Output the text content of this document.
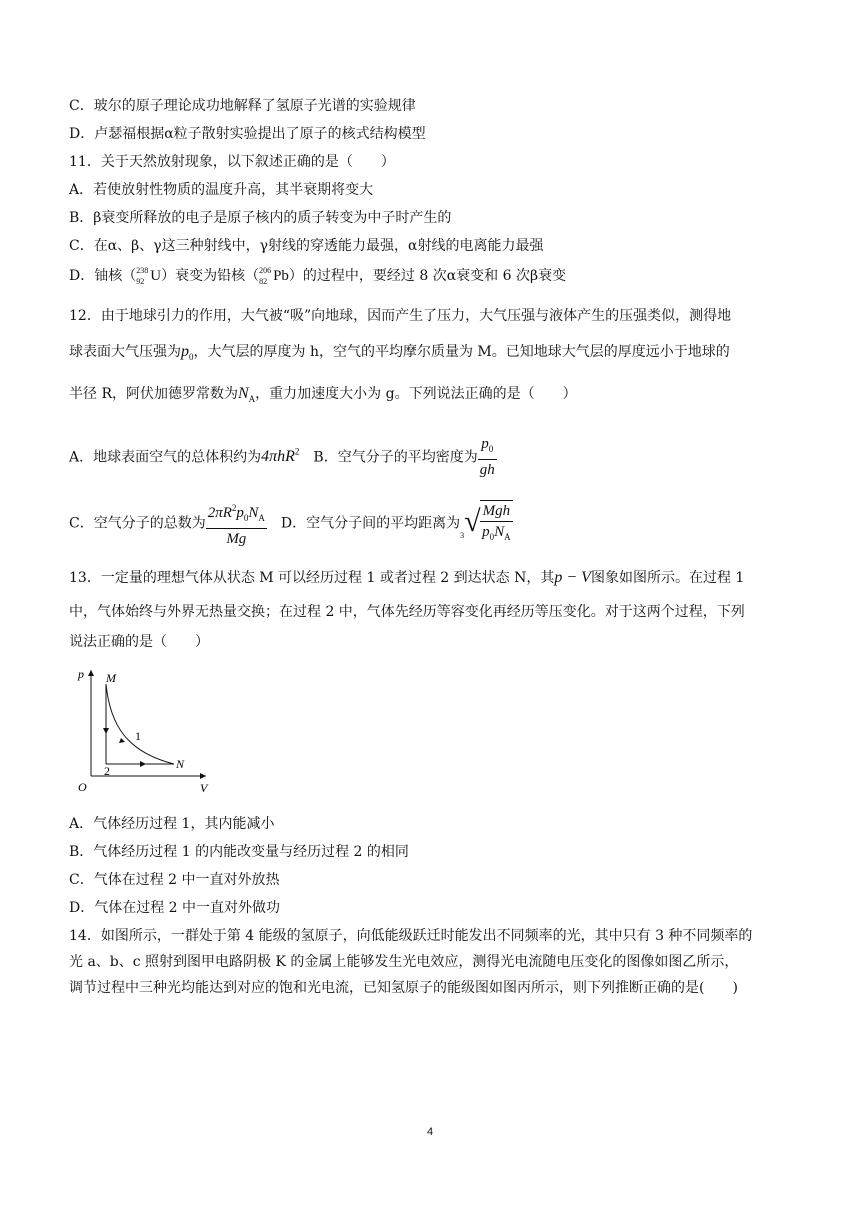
C．玻尔的原子理论成功地解释了氢原子光谱的实验规律
D．卢瑟福根据α粒子散射实验提出了原子的核式结构模型
11．关于天然放射现象，以下叙述正确的是（　　）
A．若使放射性物质的温度升高，其半衰期将变大
B．β衰变所释放的电子是原子核内的质子转变为中子时产生的
C．在α、β、γ这三种射线中，γ射线的穿透能力最强，α射线的电离能力最强
D．铀核（ 238
92 U）衰变为铅核（ 206
82 Pb）的过程中，要经过 8 次α衰变和 6 次β衰变
12．由于地球引力的作用，大气被“吸”向地球，因而产生了压力，大气压强与液体产生的压强类似，测得地
球表面大气压强为$p_0$，大气层的厚度为 h，空气的平均摩尔质量为 M。已知地球大气层的厚度远小于地球的
半径 R，阿伏加德罗常数为$N_A$，重力加速度大小为 g。下列说法正确的是（　　）
A．地球表面空气的总体积约为4πhR$^2$ B．空气分子的平均密度为 $\frac{p_0}{gh}$
C．空气分子的总数为 $\frac{2\pi R^2p_0N_A}{Mg}$ D．空气分子间的平均距离为
3 √ $\frac{\text{Mgh}}{p_0N_A}$
13．一定量的理想气体从状态 M 可以经历过程 1 或者过程 2 到达状态 N，其p − V图象如图所示。在过程 1
中，气体始终与外界无热量交换；在过程 2 中，气体先经历等容变化再经历等压变化。对于这两个过程，下列
说法正确的是（　　）
p
V
O
M
N
1
2
A．气体经历过程 1，其内能减小
B．气体经历过程 1 的内能改变量与经历过程 2 的相同
C．气体在过程 2 中一直对外放热
D．气体在过程 2 中一直对外做功
14．如图所示，一群处于第 4 能级的氢原子，向低能级跃迁时能发出不同频率的光，其中只有 3 种不同频率的
光 a、b、c 照射到图甲电路阴极 K 的金属上能够发生光电效应，测得光电流随电压变化的图像如图乙所示，
调节过程中三种光均能达到对应的饱和光电流，已知氢原子的能级图如图丙所示，则下列推断正确的是(　　)
4
